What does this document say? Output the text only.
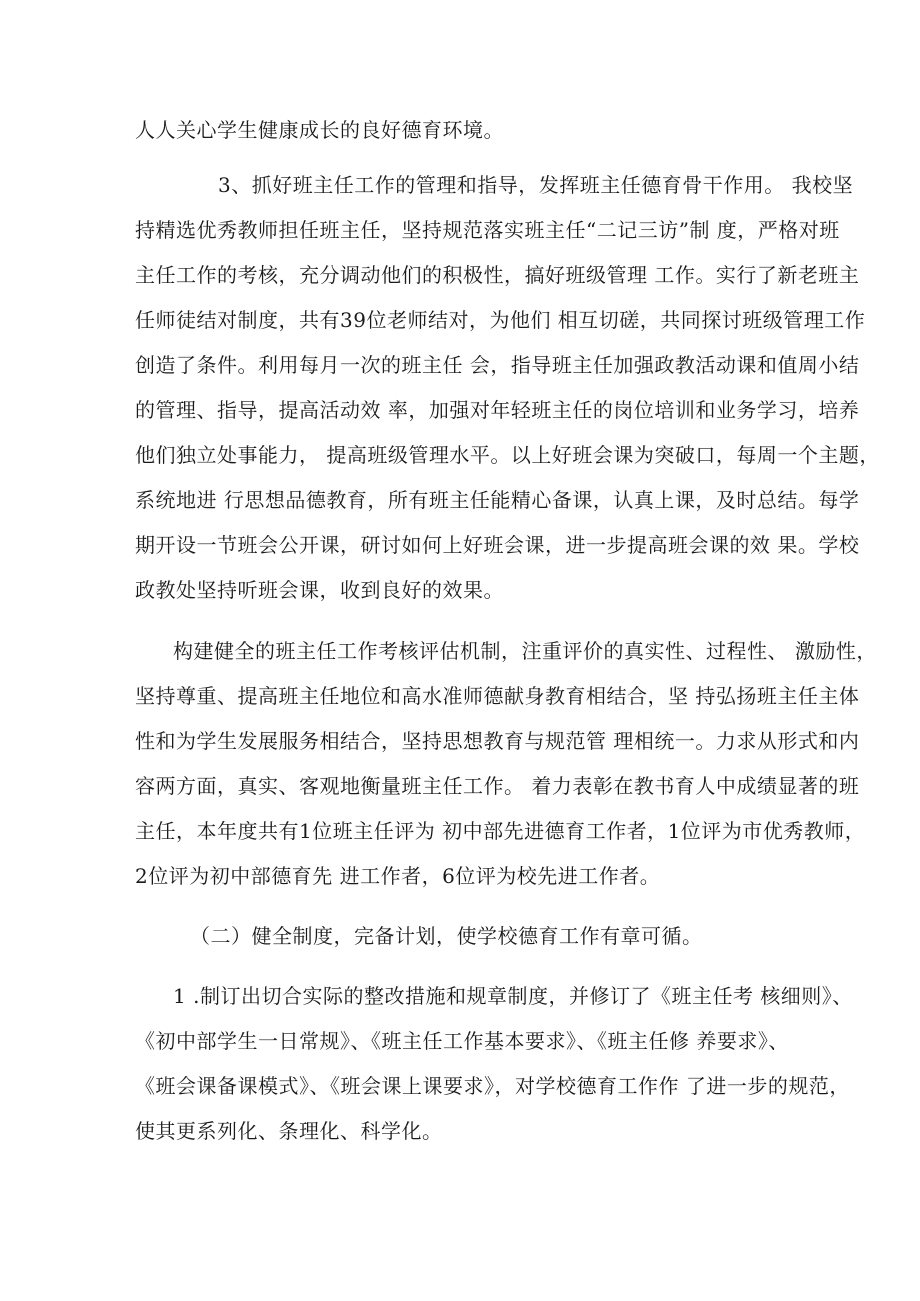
人人关心学生健康成长的良好德育环境。
3、抓好班主任工作的管理和指导，发挥班主任德育骨干作用。 我校坚
持精选优秀教师担任班主任，坚持规范落实班主任“二记三访”制 度，严格对班
主任工作的考核，充分调动他们的积极性，搞好班级管理 工作。实行了新老班主
任师徒结对制度，共有39位老师结对，为他们 相互切磋，共同探讨班级管理工作
创造了条件。利用每月一次的班主任 会，指导班主任加强政教活动课和值周小结
的管理、指导，提高活动效 率，加强对年轻班主任的岗位培训和业务学习，培养
他们独立处事能力， 提高班级管理水平。以上好班会课为突破口，每周一个主题，
系统地进 行思想品德教育，所有班主任能精心备课，认真上课，及时总结。每学
期开设一节班会公开课，研讨如何上好班会课，进一步提高班会课的效 果。学校
政教处坚持听班会课，收到良好的效果。
构建健全的班主任工作考核评估机制，注重评价的真实性、过程性、 激励性，
坚持尊重、提高班主任地位和高水准师德献身教育相结合，坚 持弘扬班主任主体
性和为学生发展服务相结合，坚持思想教育与规范管 理相统一。力求从形式和内
容两方面，真实、客观地衡量班主任工作。 着力表彰在教书育人中成绩显著的班
主任，本年度共有1位班主任评为 初中部先进德育工作者，1位评为市优秀教师，
2位评为初中部德育先 进工作者，6位评为校先进工作者。
（二）健全制度，完备计划，使学校德育工作有章可循。
1 .制订出切合实际的整改措施和规章制度，并修订了《班主任考 核细则》、
《初中部学生一日常规》、《班主任工作基本要求》、《班主任修 养要求》、
《班会课备课模式》、《班会课上课要求》，对学校德育工作作 了进一步的规范，
使其更系列化、条理化、科学化。
